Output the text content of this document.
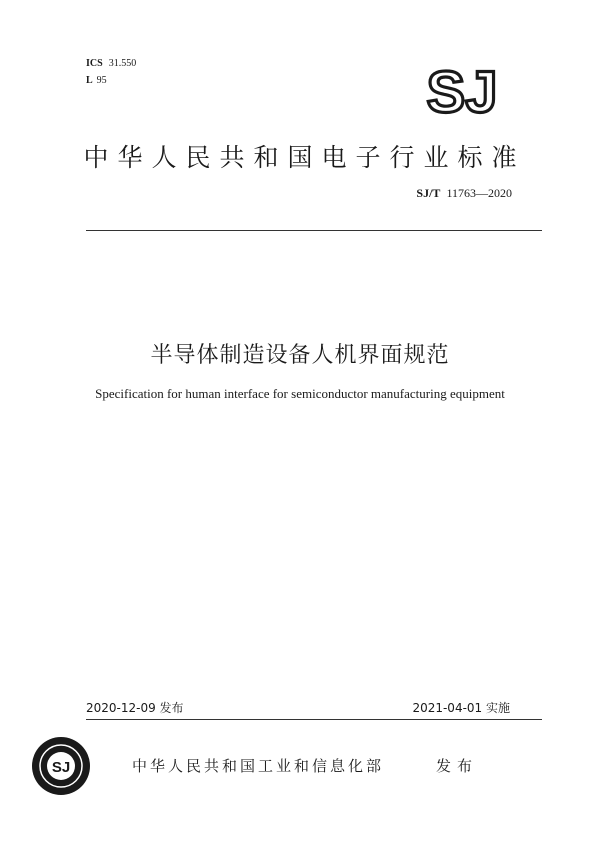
ICS 31.550
L 95	SJ
中华人民共和国电子行业标准
SJ/T 11763—2020
半导体制造设备人机界面规范
Specification for human interface for semiconductor manufacturing equipment
2020-12-09 发布	2021-04-01 实施
SJ	中华人民共和国工业和信息化部	发布
